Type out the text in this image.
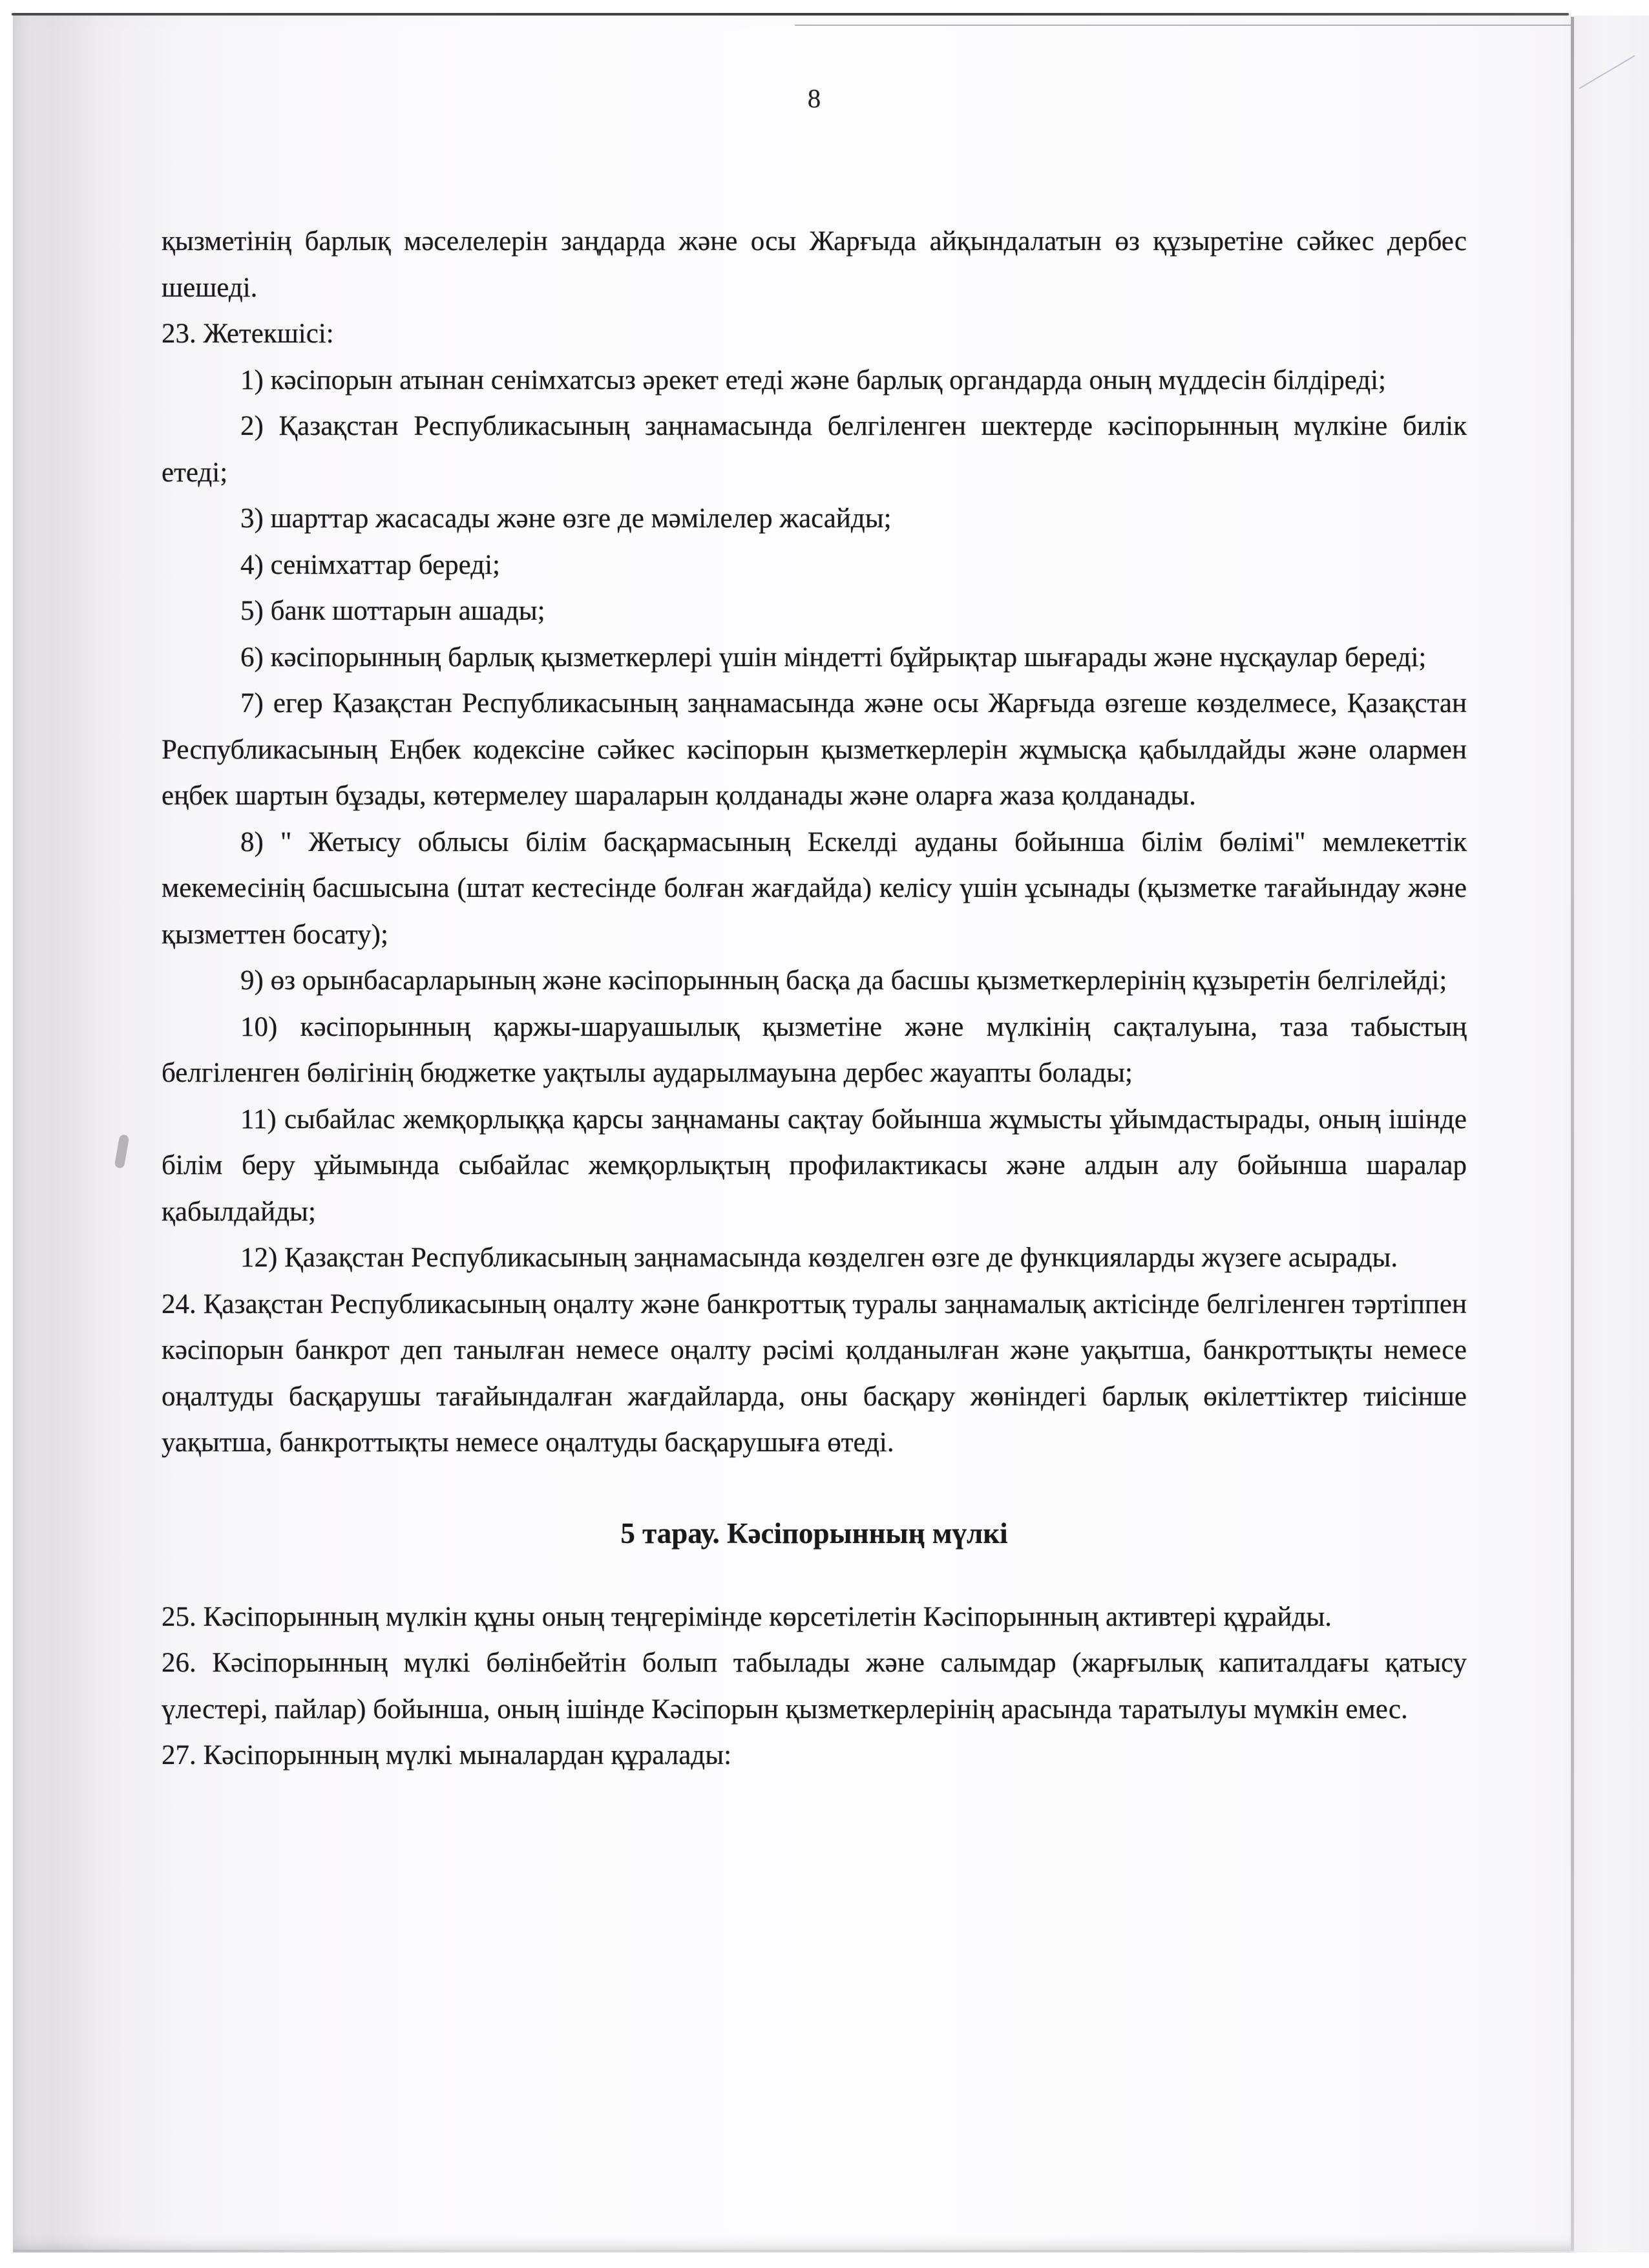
8

қызметінің барлық мәселелерін заңдарда және осы Жарғыда айқындалатын өз құзыретіне сәйкес дербес шешеді.

23. Жетекшісі:

1) кәсіпорын атынан сенімхатсыз әрекет етеді және барлық органдарда оның мүддесін білдіреді;

2) Қазақстан Республикасының заңнамасында белгіленген шектерде кәсіпорынның мүлкіне билік етеді;

3) шарттар жасасады және өзге де мәмілелер жасайды;

4) сенімхаттар береді;

5) банк шоттарын ашады;

6) кәсіпорынның барлық қызметкерлері үшін міндетті бұйрықтар шығарады және нұсқаулар береді;

7) егер Қазақстан Республикасының заңнамасында және осы Жарғыда өзгеше көзделмесе, Қазақстан Республикасының Еңбек кодексіне сәйкес кәсіпорын қызметкерлерін жұмысқа қабылдайды және олармен еңбек шартын бұзады, көтермелеу шараларын қолданады және оларға жаза қолданады.

8) " Жетысу облысы білім басқармасының Ескелді ауданы бойынша білім бөлімі" мемлекеттік мекемесінің басшысына (штат кестесінде болған жағдайда) келісу үшін ұсынады (қызметке тағайындау және қызметтен босату);

9) өз орынбасарларының және кәсіпорынның басқа да басшы қызметкерлерінің құзыретін белгілейді;

10) кәсіпорынның қаржы-шаруашылық қызметіне және мүлкінің сақталуына, таза табыстың белгіленген бөлігінің бюджетке уақтылы аударылмауына дербес жауапты болады;

11) сыбайлас жемқорлыққа қарсы заңнаманы сақтау бойынша жұмысты ұйымдастырады, оның ішінде білім беру ұйымында сыбайлас жемқорлықтың профилактикасы және алдын алу бойынша шаралар қабылдайды;

12) Қазақстан Республикасының заңнамасында көзделген өзге де функцияларды жүзеге асырады.

24. Қазақстан Республикасының оңалту және банкроттық туралы заңнамалық актісінде белгіленген тәртіппен кәсіпорын банкрот деп танылған немесе оңалту рәсімі қолданылған және уақытша, банкроттықты немесе оңалтуды басқарушы тағайындалған жағдайларда, оны басқару жөніндегі барлық өкілеттіктер тиісінше уақытша, банкроттықты немесе оңалтуды басқарушыға өтеді.

5 тарау. Кәсіпорынның мүлкі

25. Кәсіпорынның мүлкін құны оның теңгерімінде көрсетілетін Кәсіпорынның активтері құрайды.

26. Кәсіпорынның мүлкі бөлінбейтін болып табылады және салымдар (жарғылық капиталдағы қатысу үлестері, пайлар) бойынша, оның ішінде Кәсіпорын қызметкерлерінің арасында таратылуы мүмкін емес.

27. Кәсіпорынның мүлкі мыналардан құралады:
